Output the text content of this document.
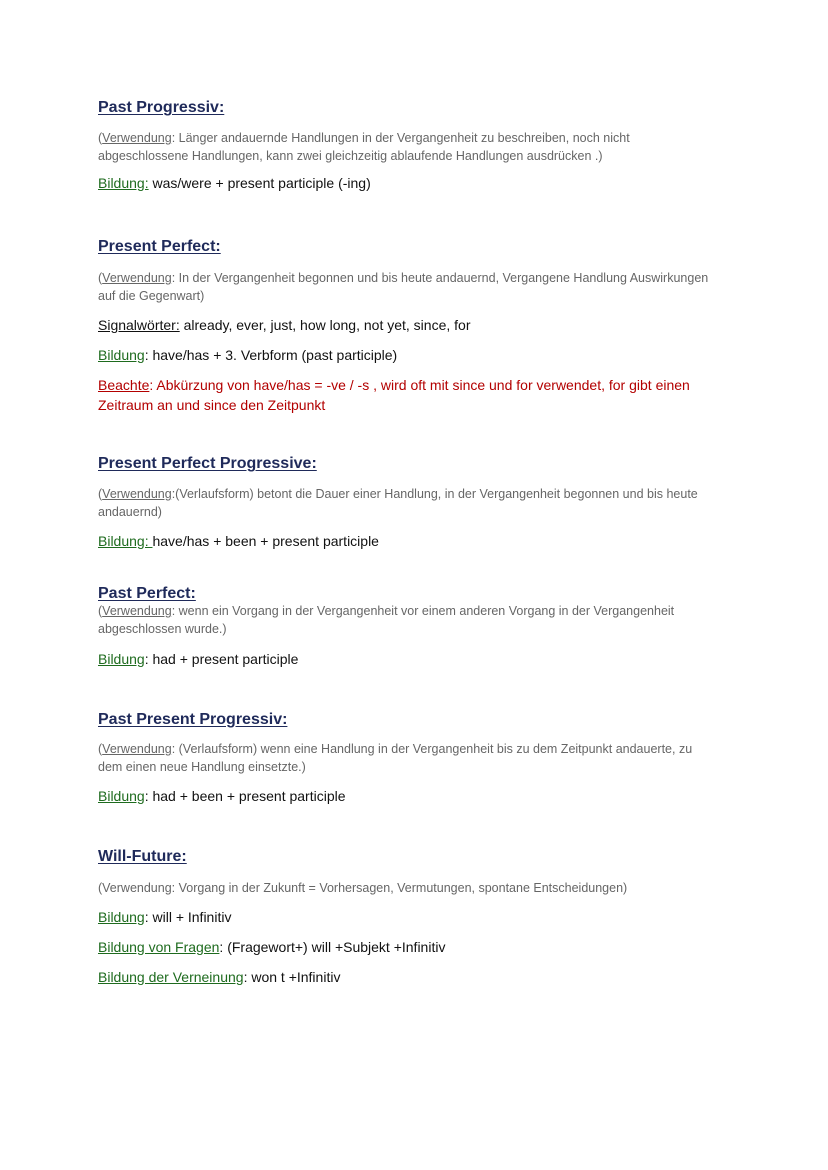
Past Progressiv:

(Verwendung: Länger andauernde Handlungen in der Vergangenheit zu beschreiben, noch nicht abgeschlossene Handlungen, kann zwei gleichzeitig ablaufende Handlungen ausdrücken .)

Bildung: was/were + present participle (-ing)

Present Perfect:

(Verwendung: In der Vergangenheit begonnen und bis heute andauernd, Vergangene Handlung Auswirkungen auf die Gegenwart)

Signalwörter: already, ever, just, how long, not yet, since, for

Bildung: have/has + 3. Verbform (past participle)

Beachte: Abkürzung von have/has = -ve / -s , wird oft mit since und for verwendet, for gibt einen Zeitraum an und since den Zeitpunkt

Present Perfect Progressive:

(Verwendung:(Verlaufsform) betont die Dauer einer Handlung, in der Vergangenheit begonnen und bis heute andauernd)

Bildung: have/has + been + present participle

Past Perfect:

(Verwendung: wenn ein Vorgang in der Vergangenheit vor einem anderen Vorgang in der Vergangenheit abgeschlossen wurde.)

Bildung: had + present participle

Past Present Progressiv:

(Verwendung: (Verlaufsform) wenn eine Handlung in der Vergangenheit bis zu dem Zeitpunkt andauerte, zu dem einen neue Handlung einsetzte.)

Bildung: had + been + present participle

Will-Future:

(Verwendung: Vorgang in der Zukunft = Vorhersagen, Vermutungen, spontane Entscheidungen)

Bildung: will + Infinitiv

Bildung von Fragen: (Fragewort+) will +Subjekt +Infinitiv

Bildung der Verneinung: won t +Infinitiv
